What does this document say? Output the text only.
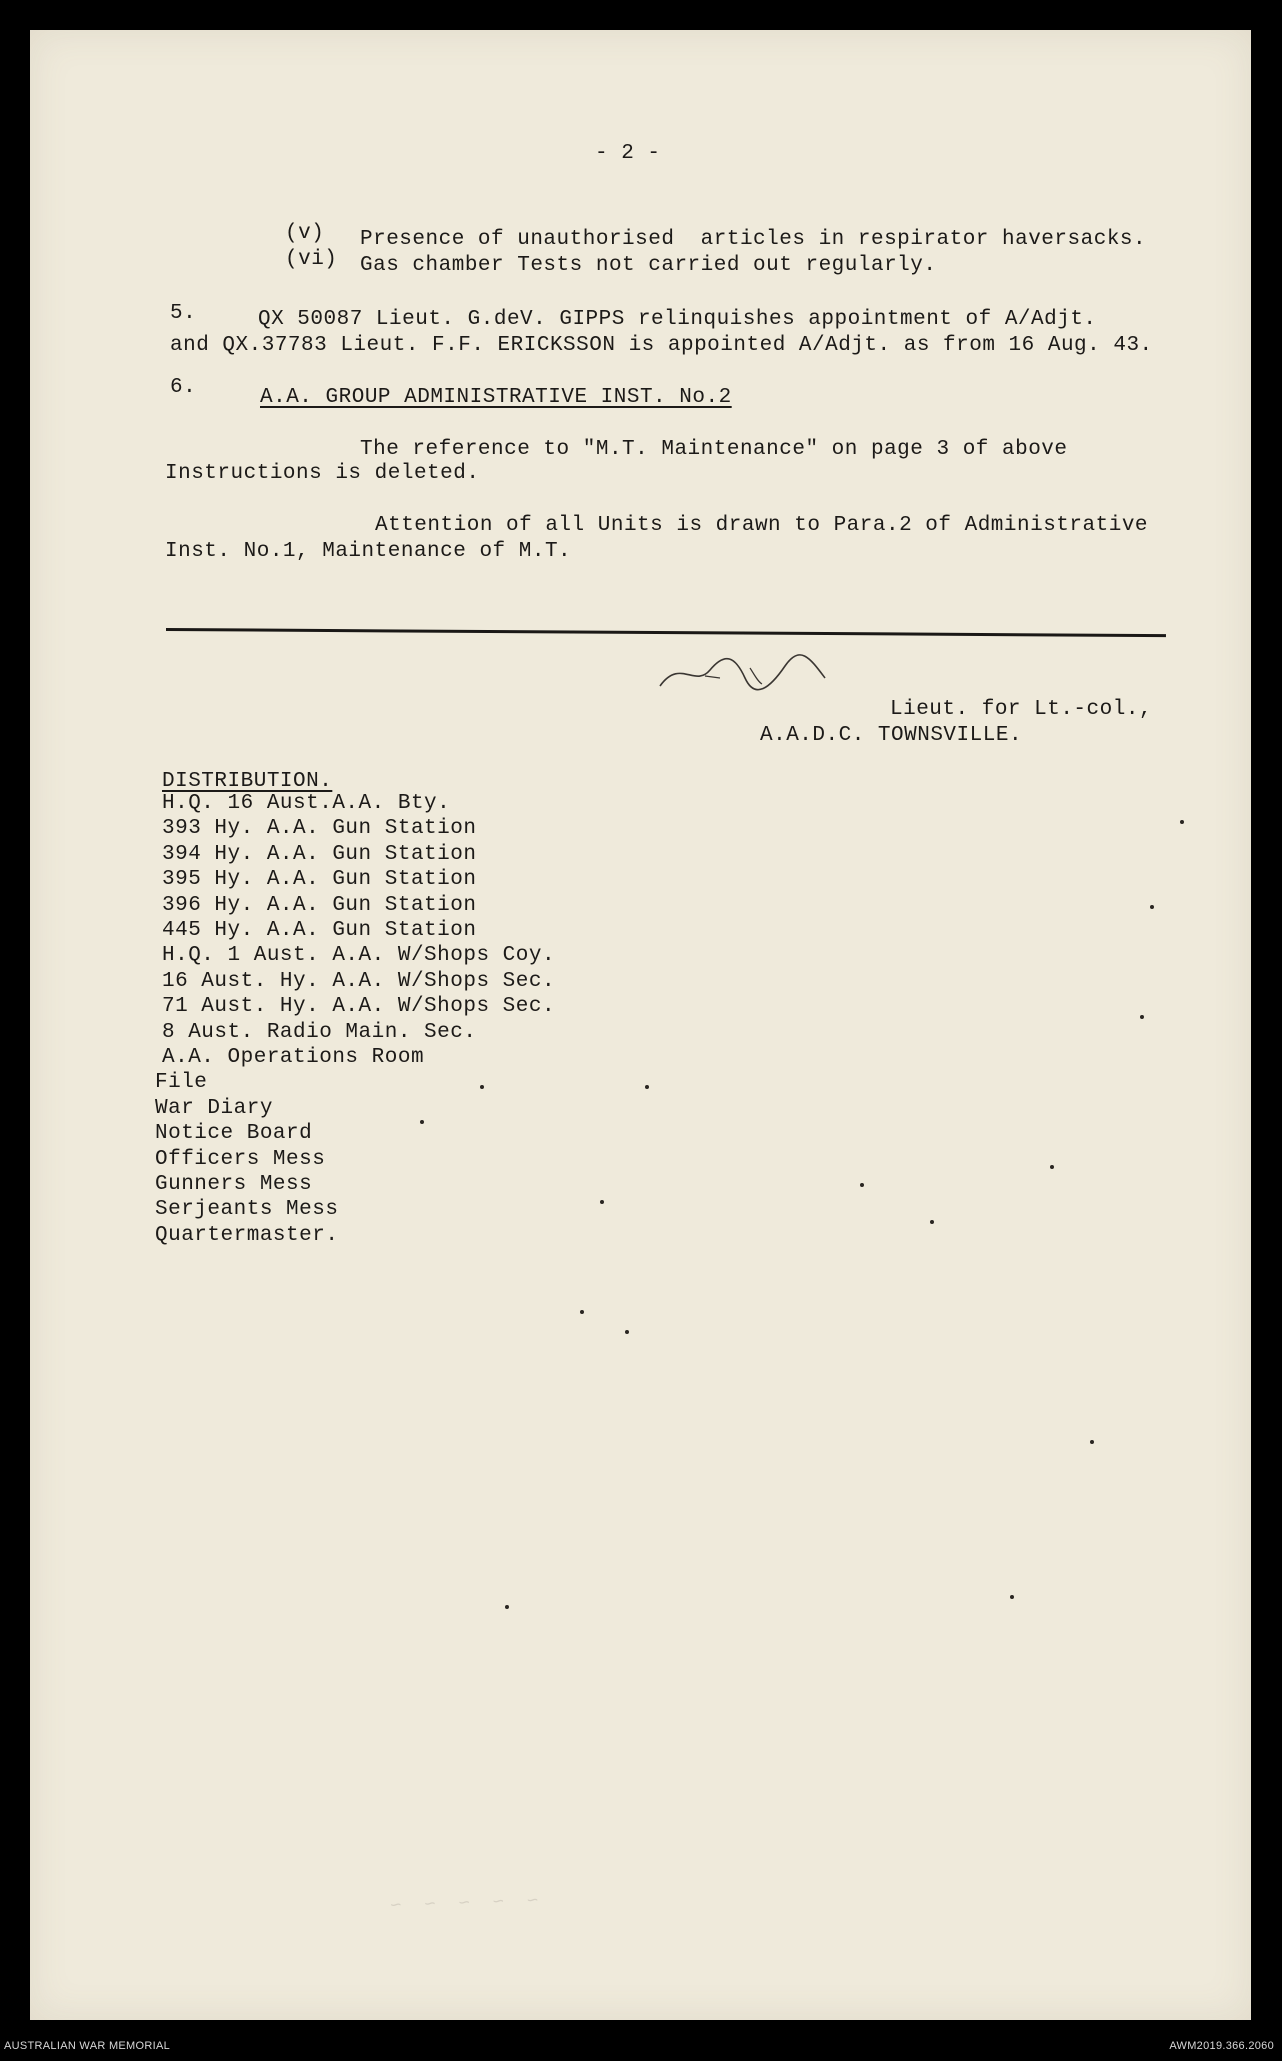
- 2 -
(v) Presence of unauthorised  articles in respirator haversacks.
(vi) Gas chamber Tests not carried out regularly.
5.	QX 50087 Lieut. G.deV. GIPPS relinquishes appointment of A/Adjt.
and QX.37783 Lieut. F.F. ERICKSSON is appointed A/Adjt. as from 16 Aug. 43.
6.	A.A. GROUP ADMINISTRATIVE INST. No.2
The reference to "M.T. Maintenance" on page 3 of above
Instructions is deleted.
Attention of all Units is drawn to Para.2 of Administrative
Inst. No.1, Maintenance of M.T.
Lieut. for Lt.-col.,
A.A.D.C. TOWNSVILLE.
DISTRIBUTION.
H.Q. 16 Aust.A.A. Bty.
393 Hy. A.A. Gun Station
394 Hy. A.A. Gun Station
395 Hy. A.A. Gun Station
396 Hy. A.A. Gun Station
445 Hy. A.A. Gun Station
H.Q. 1 Aust. A.A. W/Shops Coy.
16 Aust. Hy. A.A. W/Shops Sec.
71 Aust. Hy. A.A. W/Shops Sec.
8 Aust. Radio Main. Sec.
A.A. Operations Room
File
War Diary
Notice Board
Officers Mess
Gunners Mess
Serjeants Mess
Quartermaster.
~  ~  ~  ~  ~
AUSTRALIAN WAR MEMORIAL	AWM2019.366.2060
